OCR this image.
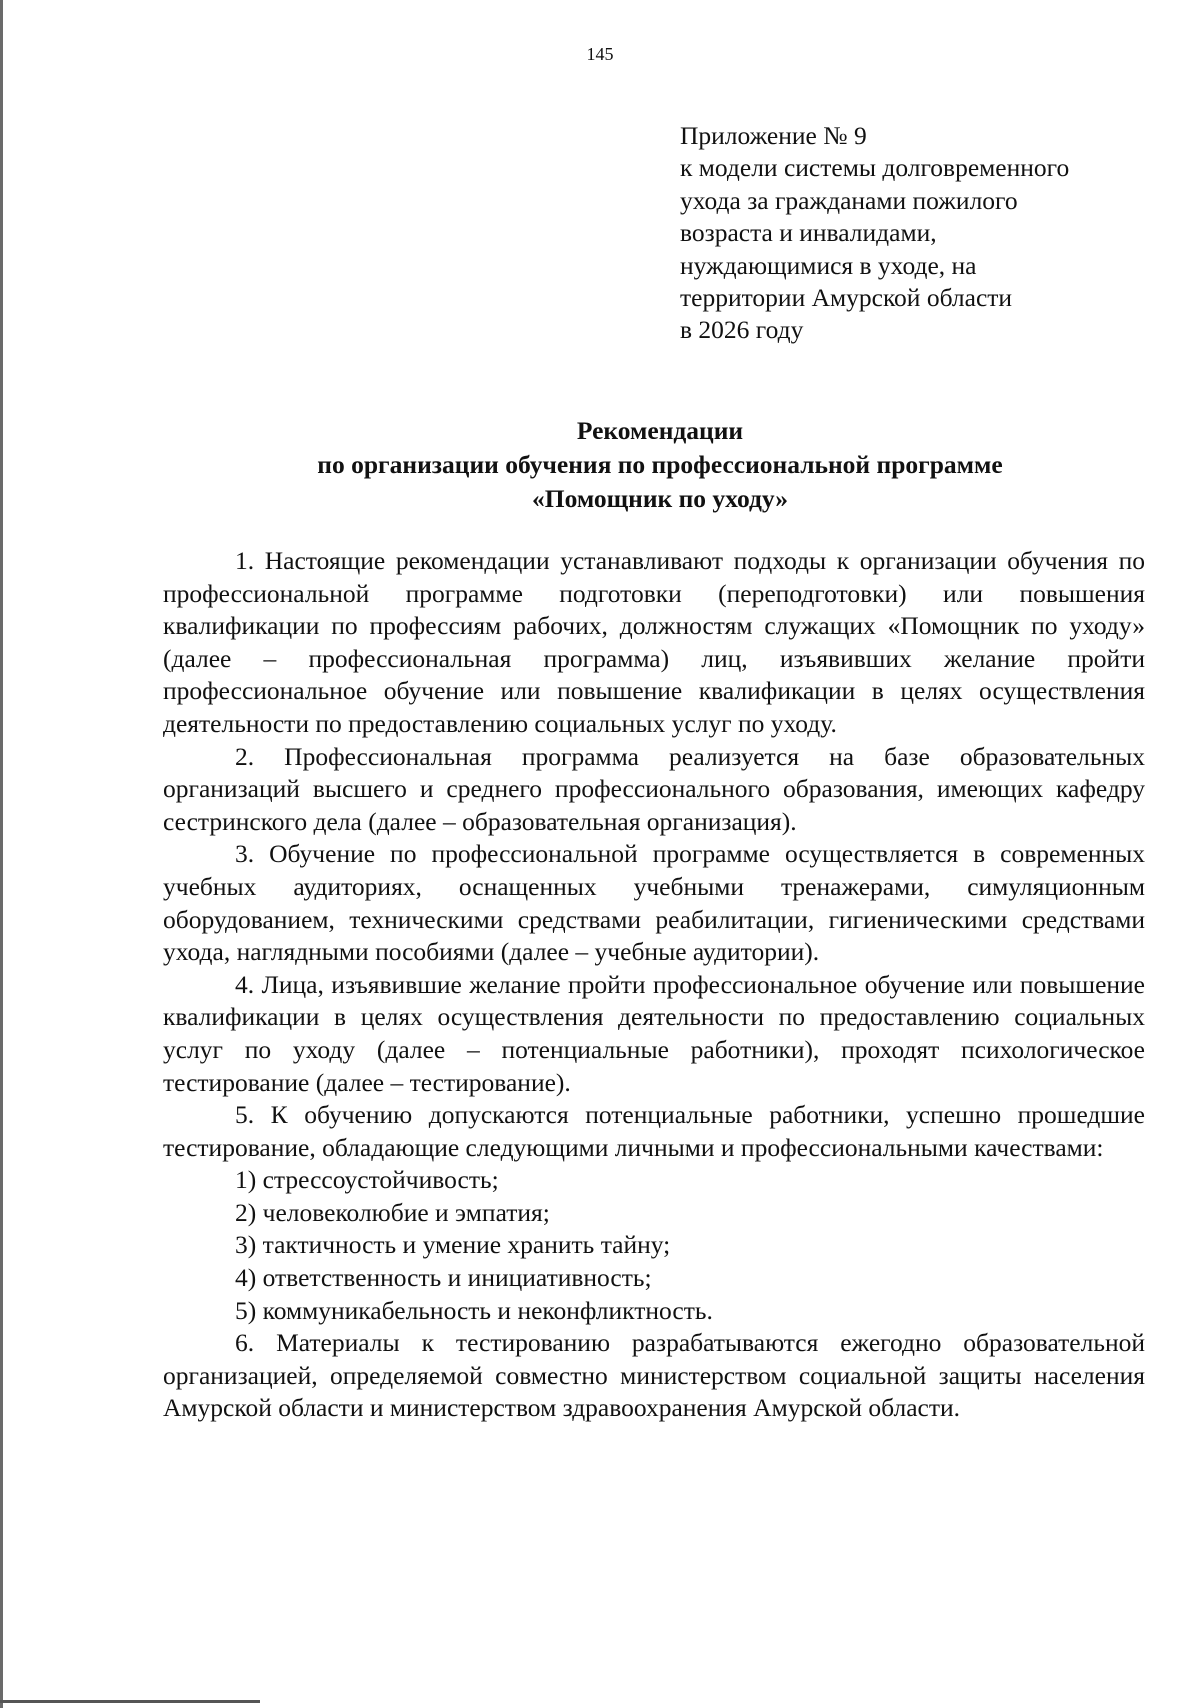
145
Приложение № 9
к модели системы долговременного
ухода за гражданами пожилого
возраста и инвалидами,
нуждающимися в уходе, на
территории Амурской области
в 2026 году
Рекомендации
по организации обучения по профессиональной программе
«Помощник по уходу»

1. Настоящие рекомендации устанавливают подходы к организации обучения по профессиональной программе подготовки (переподготовки) или повышения квалификации по профессиям рабочих, должностям служащих «Помощник по уходу» (далее – профессиональная программа) лиц, изъявивших желание пройти профессиональное обучение или повышение квалификации в целях осуществления деятельности по предоставлению социальных услуг по уходу.

2. Профессиональная программа реализуется на базе образовательных организаций высшего и среднего профессионального образования, имеющих кафедру сестринского дела (далее – образовательная организация).

3. Обучение по профессиональной программе осуществляется в современных учебных аудиториях, оснащенных учебными тренажерами, симуляционным оборудованием, техническими средствами реабилитации, гигиеническими средствами ухода, наглядными пособиями (далее – учебные аудитории).

4. Лица, изъявившие желание пройти профессиональное обучение или повышение квалификации в целях осуществления деятельности по предоставлению социальных услуг по уходу (далее – потенциальные работники), проходят психологическое тестирование (далее – тестирование).

5. К обучению допускаются потенциальные работники, успешно прошедшие тестирование, обладающие следующими личными и профессиональными качествами:

1) стрессоустойчивость;

2) человеколюбие и эмпатия;

3) тактичность и умение хранить тайну;

4) ответственность и инициативность;

5) коммуникабельность и неконфликтность.

6. Материалы к тестированию разрабатываются ежегодно образовательной организацией, определяемой совместно министерством социальной защиты населения Амурской области и министерством здравоохранения Амурской области.
